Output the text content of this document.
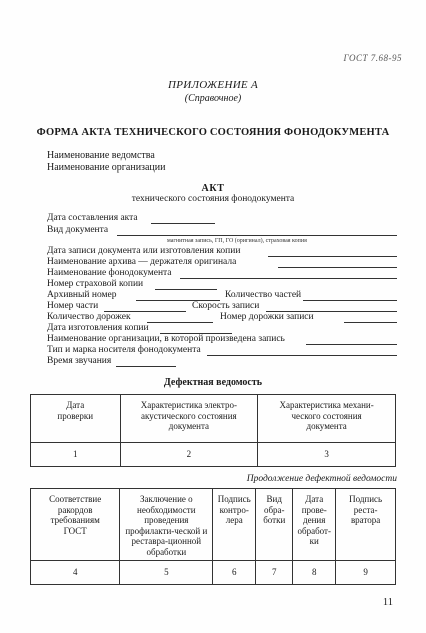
ГОСТ 7.68-95
ПРИЛОЖЕНИЕ А
(Справочное)
ФОРМА АКТА ТЕХНИЧЕСКОГО СОСТОЯНИЯ ФОНОДОКУМЕНТА
Наименование ведомства
Наименование организации
АКТ
технического состояния фонодокумента
Дата составления акта
Вид документа
магнитная запись, ГП, ГО (оригинал), страховая копия
Дата записи документа или изготовления копии
Наименование архива — держателя оригинала
Наименование фонодокумента
Номер страховой копии
Архивный номер	Количество частей
Номер части	Скорость записи
Количество дорожек	Номер дорожки записи
Дата изготовления копии
Наименование организации, в которой произведена запись
Тип и марка носителя фонодокумента
Время звучания
Дефектная ведомость
Дата проверки	Характеристика электро-акустического состояния документа	Характеристика механи-ческого состояния документа

1	2	3
Продолжение дефектной ведомости
Соответствие ракордов требованиям ГОСТ	Заключение о необходимости проведения профилакти-ческой и реставра-ционной обработки	Подпись контро-лера	Вид обра-ботки	Дата прове-дения обработ-ки	Подпись реста-вратора

4	5	6	7	8	9
11
